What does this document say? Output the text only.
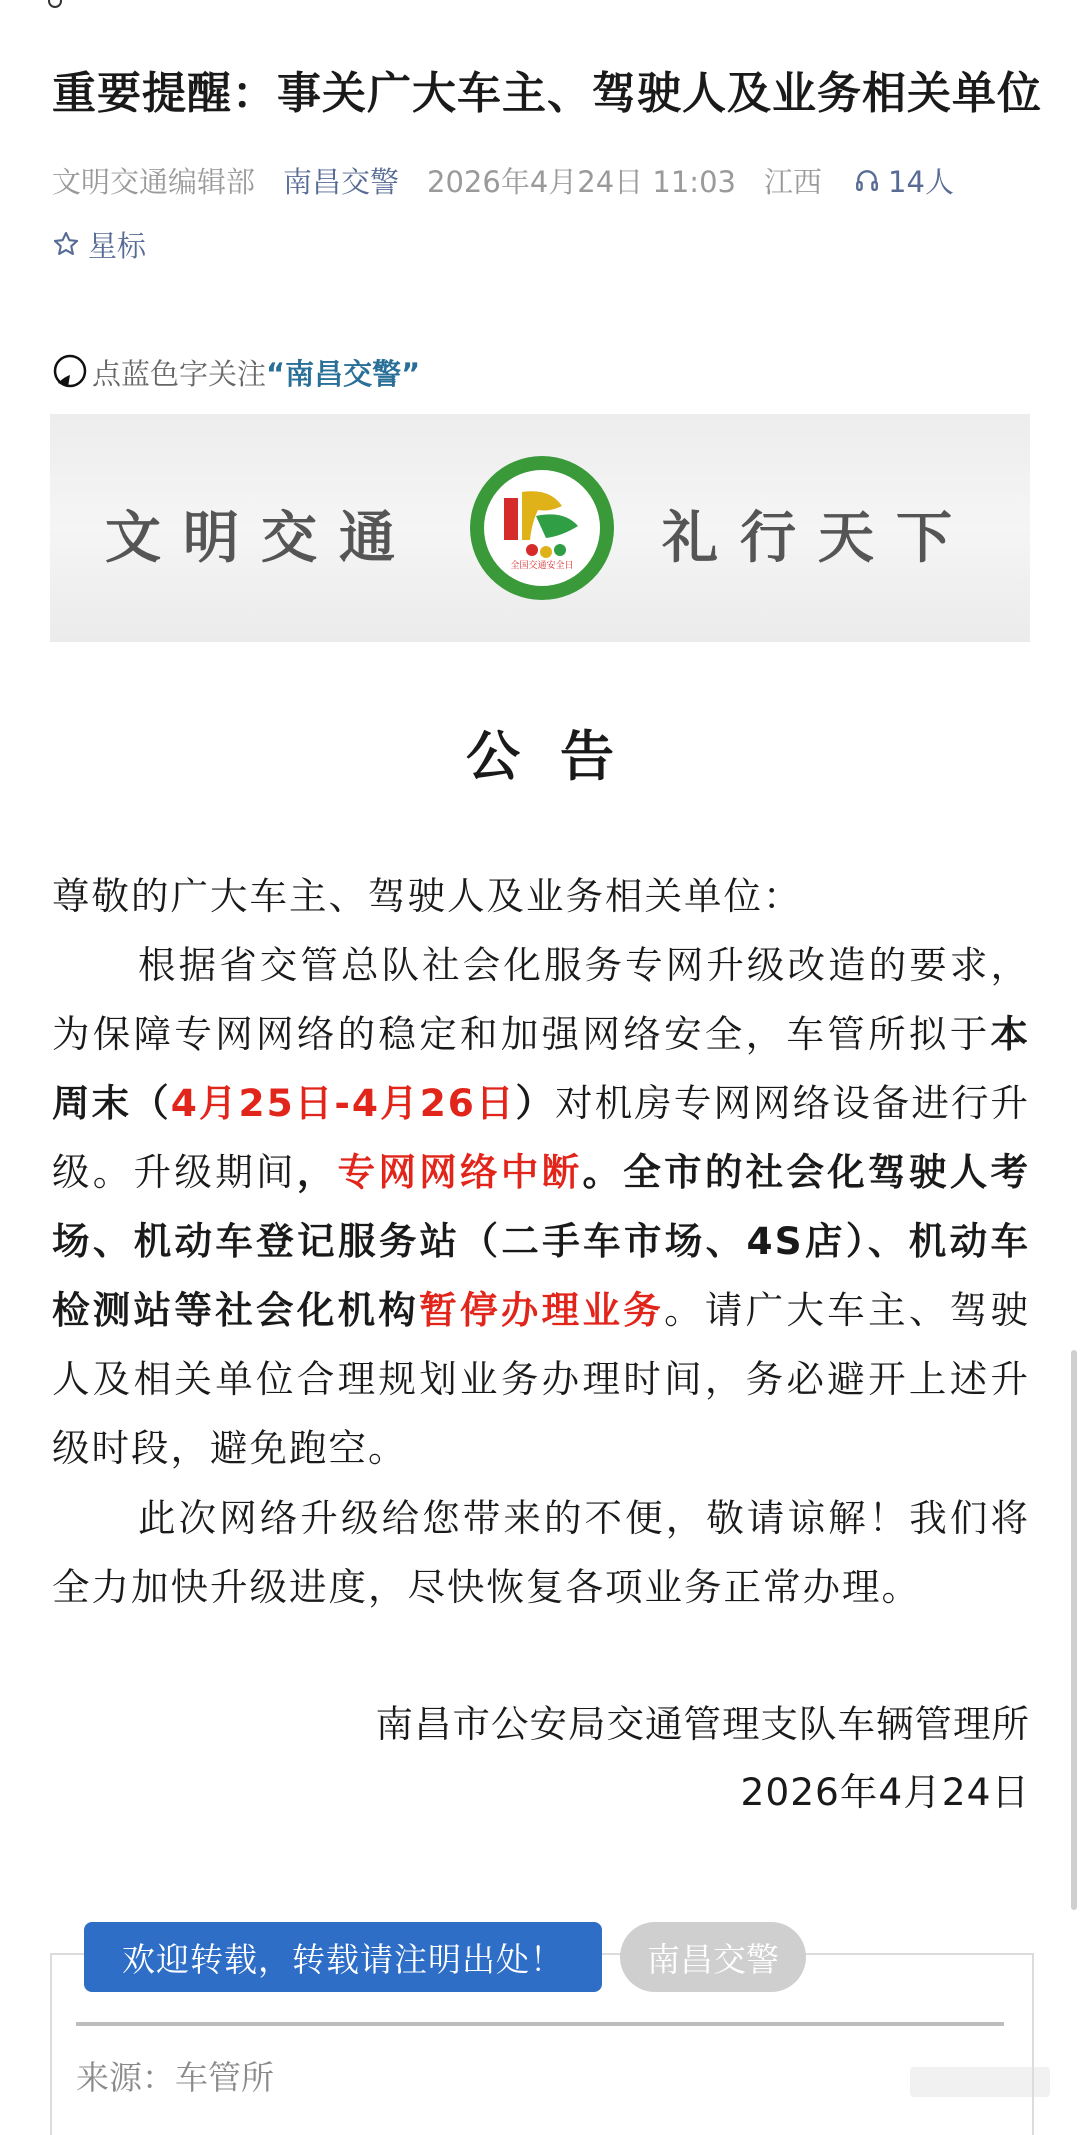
重要提醒：事关广大车主、驾驶人及业务相关单位
文明交通编辑部 南昌交警 2026年4月24日 11:03 江西 14人
星标
点蓝色字关注 “南昌交警”
文明交通	全国交通安全日 礼行天下
公告
尊敬的广大车主、驾驶人及业务相关单位：
根据省交管总队社会化服务专网升级改造的要求，为保障专网网络的稳定和加强网络安全，车管所拟于本周末（4月25日-4月26日）对机房专网网络设备进行升级。升级期间，专网网络中断。全市的社会化驾驶人考场、机动车登记服务站（二手车市场、4S店）、机动车检测站等社会化机构暂停办理业务。请广大车主、驾驶人及相关单位合理规划业务办理时间，务必避开上述升级时段，避免跑空。
此次网络升级给您带来的不便，敬请谅解！我们将全力加快升级进度，尽快恢复各项业务正常办理。
南昌市公安局交通管理支队车辆管理所
2026年4月24日
欢迎转载，转载请注明出处！	南昌交警
来源：车管所
